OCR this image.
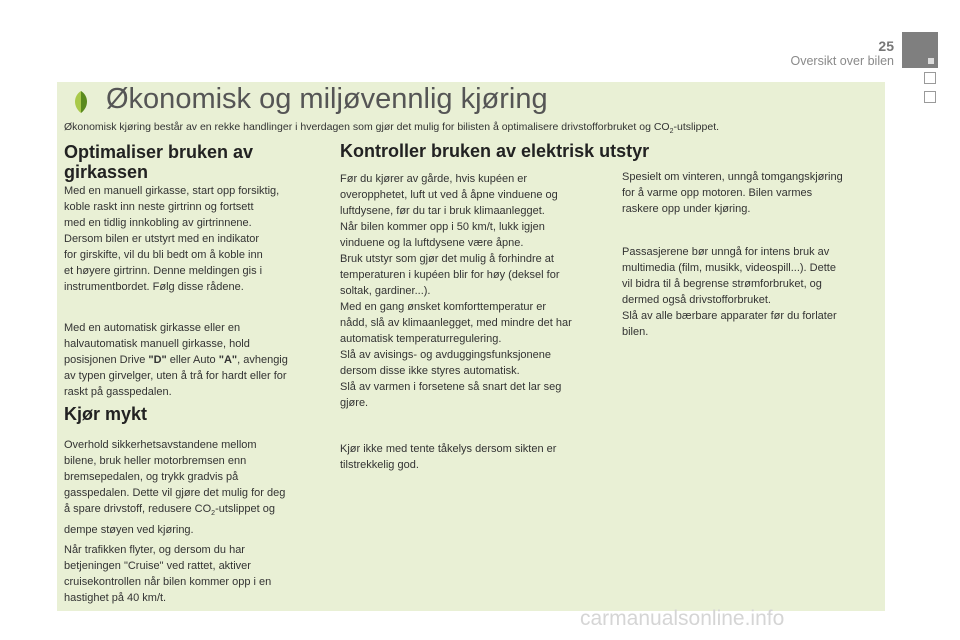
25
Oversikt over bilen
Økonomisk og miljøvennlig kjøring
Økonomisk kjøring består av en rekke handlinger i hverdagen som gjør det mulig for bilisten å optimalisere drivstofforbruket og $CO_2$-utslippet.
Optimaliser bruken av
girkassen
Med en manuell girkasse, start opp forsiktig,
koble raskt inn neste girtrinn og fortsett
med en tidlig innkobling av girtrinnene.
Dersom bilen er utstyrt med en indikator
for girskifte, vil du bli bedt om å koble inn
et høyere girtrinn. Denne meldingen gis i
instrumentbordet. Følg disse rådene.
Med en automatisk girkasse eller en
halvautomatisk manuell girkasse, hold
posisjonen Drive "D" eller Auto "A", avhengig
av typen girvelger, uten å trå for hardt eller for
raskt på gasspedalen.
Kjør mykt
Overhold sikkerhetsavstandene mellom
bilene, bruk heller motorbremsen enn
bremsepedalen, og trykk gradvis på
gasspedalen. Dette vil gjøre det mulig for deg
å spare drivstoff, redusere $CO_2$-utslippet og
dempe støyen ved kjøring.
Når trafikken flyter, og dersom du har
betjeningen "Cruise" ved rattet, aktiver
cruisekontrollen når bilen kommer opp i en
hastighet på 40 km/t.
Kontroller bruken av elektrisk utstyr
Før du kjører av gårde, hvis kupéen er
overopphetet, luft ut ved å åpne vinduene og
luftdysene, før du tar i bruk klimaanlegget.
Når bilen kommer opp i 50 km/t, lukk igjen
vinduene og la luftdysene være åpne.
Bruk utstyr som gjør det mulig å forhindre at
temperaturen i kupéen blir for høy (deksel for
soltak, gardiner...).
Med en gang ønsket komforttemperatur er
nådd, slå av klimaanlegget, med mindre det har
automatisk temperaturregulering.
Slå av avisings- og avduggingsfunksjonene
dersom disse ikke styres automatisk.
Slå av varmen i forsetene så snart det lar seg
gjøre.
Kjør ikke med tente tåkelys dersom sikten er
tilstrekkelig god.
Spesielt om vinteren, unngå tomgangskjøring
for å varme opp motoren. Bilen varmes
raskere opp under kjøring.
Passasjerene bør unngå for intens bruk av
multimedia (film, musikk, videospill...). Dette
vil bidra til å begrense strømforbruket, og
dermed også drivstofforbruket.
Slå av alle bærbare apparater før du forlater
bilen.
carmanualsonline.info
